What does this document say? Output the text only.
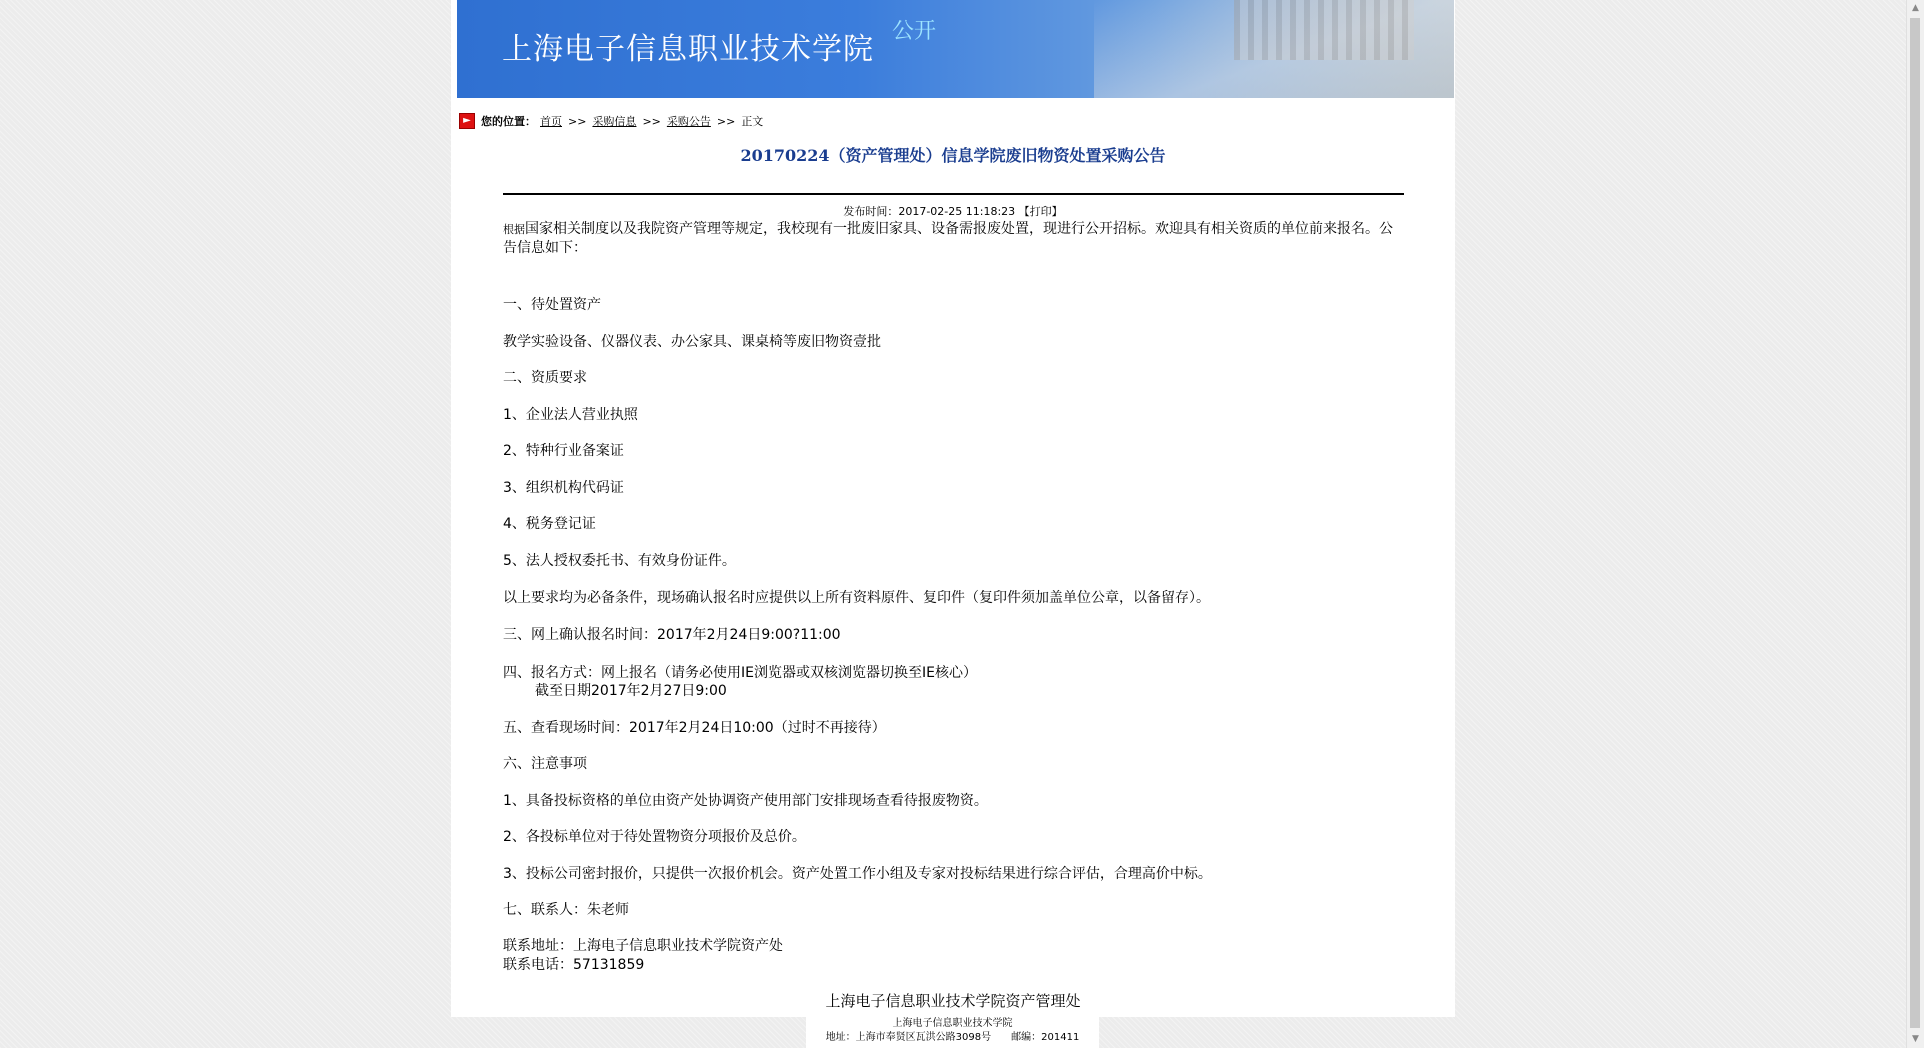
上海电子信息职业技术学院
公开
► 您的位置： 首页 >> 采购信息 >> 采购公告 >> 正文
20170224（资产管理处）信息学院废旧物资处置采购公告
发布时间：2017-02-25 11:18:23 【打印】

根据国家相关制度以及我院资产管理等规定，我校现有一批废旧家具、设备需报废处置，现进行公开招标。欢迎具有相关资质的单位前来报名。公告信息如下：

一、待处置资产

教学实验设备、仪器仪表、办公家具、课桌椅等废旧物资壹批

二、资质要求

1、企业法人营业执照

2、特种行业备案证

3、组织机构代码证

4、税务登记证

5、法人授权委托书、有效身份证件。

以上要求均为必备条件，现场确认报名时应提供以上所有资料原件、复印件（复印件须加盖单位公章，以备留存）。

三、网上确认报名时间：2017年2月24日9:00?11:00

四、报名方式：网上报名（请务必使用IE浏览器或双核浏览器切换至IE核心）

截至日期2017年2月27日9:00

五、查看现场时间：2017年2月24日10:00（过时不再接待）

六、注意事项

1、具备投标资格的单位由资产处协调资产使用部门安排现场查看待报废物资。

2、各投标单位对于待处置物资分项报价及总价。

3、投标公司密封报价，只提供一次报价机会。资产处置工作小组及专家对投标结果进行综合评估，合理高价中标。

七、联系人：朱老师

联系地址：上海电子信息职业技术学院资产处

联系电话：57131859

上海电子信息职业技术学院资产管理处
上海电子信息职业技术学院
地址：上海市奉贤区瓦洪公路3098号　　邮编：201411
▲
▼
